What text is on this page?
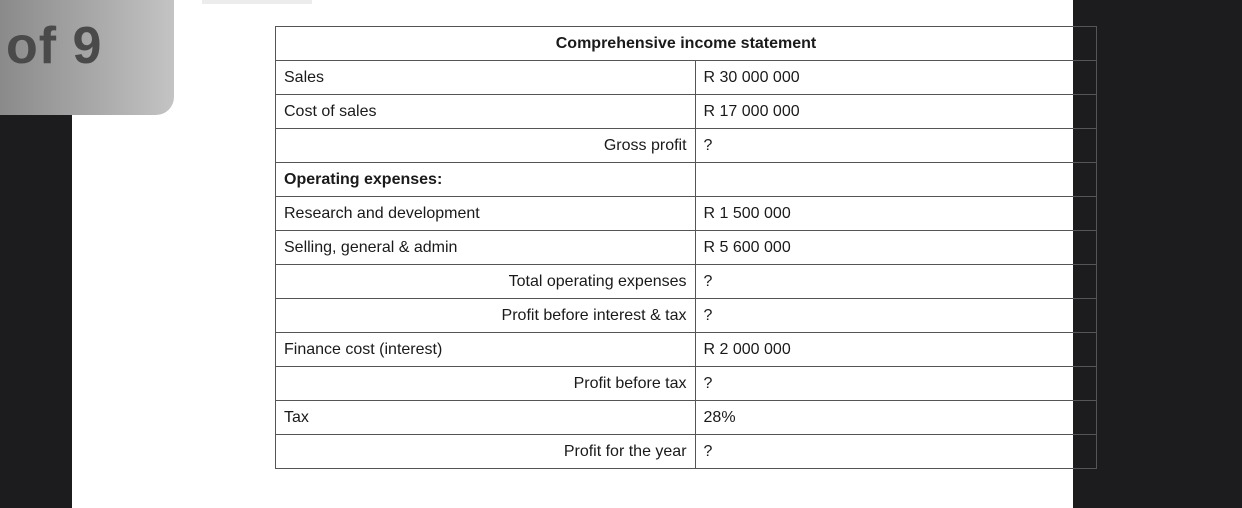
Comprehensive income statement	
Sales	R 30 000 000
Cost of sales	R 17 000 000
Gross profit	?
Operating expenses:	
Research and development	R 1 500 000
Selling, general & admin	R 5 600 000
Total operating expenses	?
Profit before interest & tax	?
Finance cost (interest)	R 2 000 000
Profit before tax	?
Tax	28%
Profit for the year	?
of 9
